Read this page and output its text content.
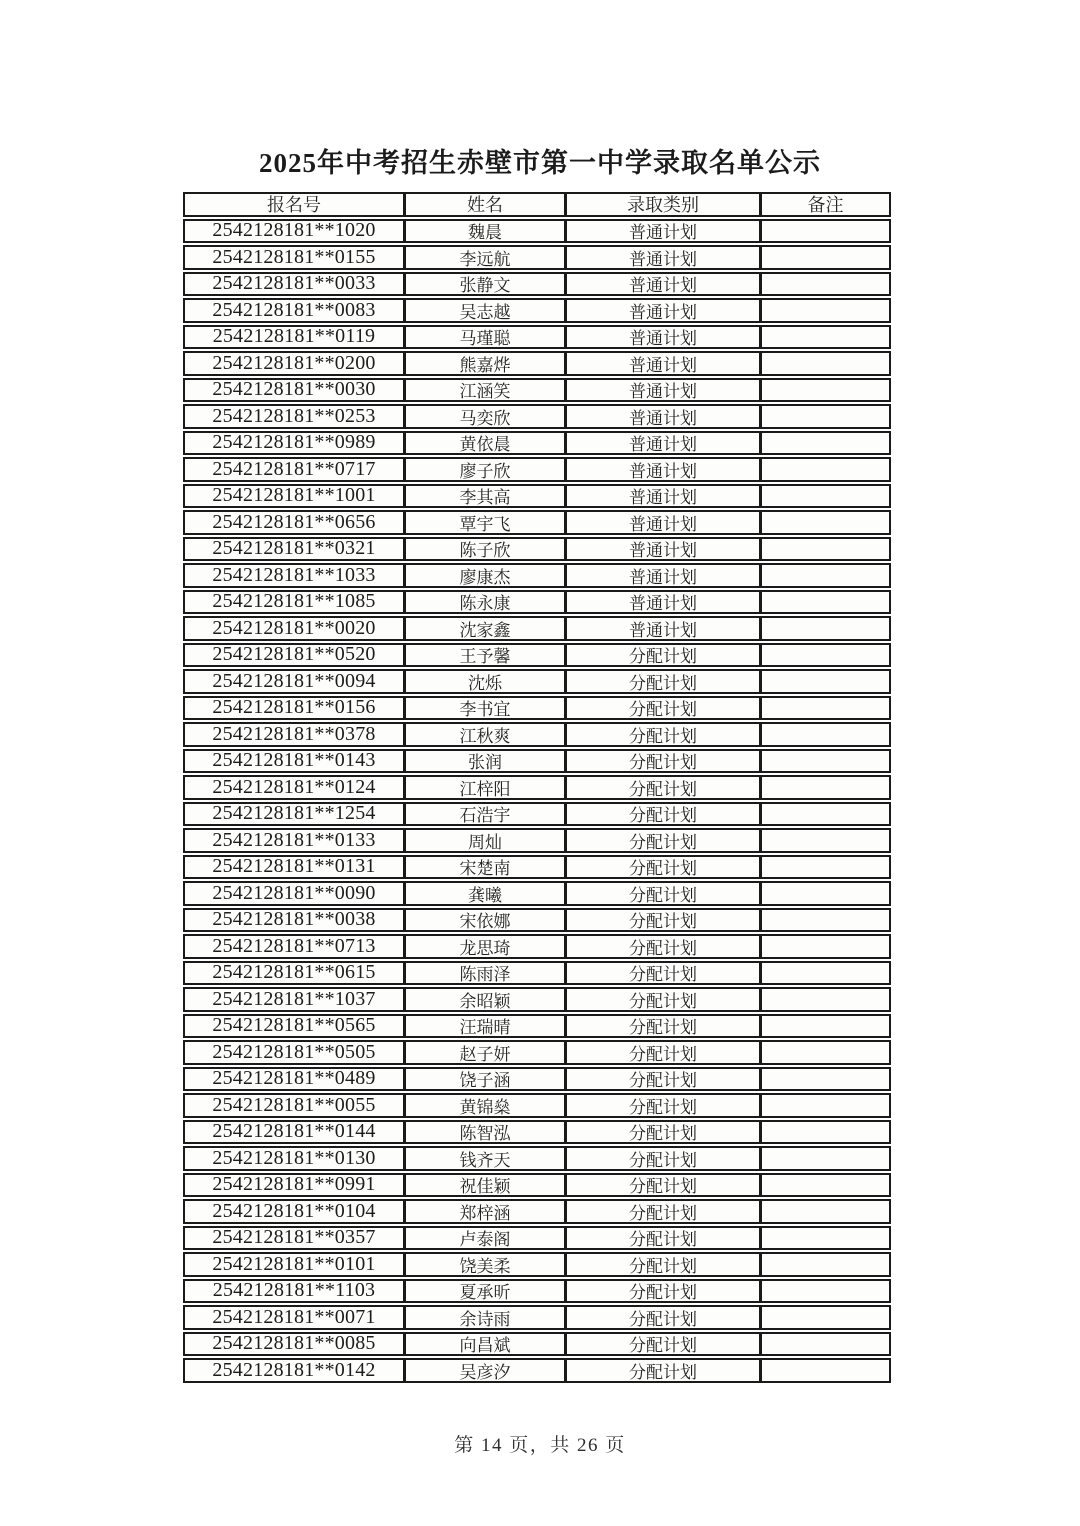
2025年中考招生赤壁市第一中学录取名单公示
报名号	姓名	录取类别	备注
2542128181**1020	魏晨	普通计划
2542128181**0155	李远航	普通计划
2542128181**0033	张静文	普通计划
2542128181**0083	吴志越	普通计划
2542128181**0119	马瑾聪	普通计划
2542128181**0200	熊嘉烨	普通计划
2542128181**0030	江涵笑	普通计划
2542128181**0253	马奕欣	普通计划
2542128181**0989	黄依晨	普通计划
2542128181**0717	廖子欣	普通计划
2542128181**1001	李其高	普通计划
2542128181**0656	覃宇飞	普通计划
2542128181**0321	陈子欣	普通计划
2542128181**1033	廖康杰	普通计划
2542128181**1085	陈永康	普通计划
2542128181**0020	沈家鑫	普通计划
2542128181**0520	王予馨	分配计划
2542128181**0094	沈烁	分配计划
2542128181**0156	李书宜	分配计划
2542128181**0378	江秋爽	分配计划
2542128181**0143	张润	分配计划
2542128181**0124	江梓阳	分配计划
2542128181**1254	石浩宇	分配计划
2542128181**0133	周灿	分配计划
2542128181**0131	宋楚南	分配计划
2542128181**0090	龚曦	分配计划
2542128181**0038	宋依娜	分配计划
2542128181**0713	龙思琦	分配计划
2542128181**0615	陈雨泽	分配计划
2542128181**1037	余昭颖	分配计划
2542128181**0565	汪瑞晴	分配计划
2542128181**0505	赵子妍	分配计划
2542128181**0489	饶子涵	分配计划
2542128181**0055	黄锦燊	分配计划
2542128181**0144	陈智泓	分配计划
2542128181**0130	钱齐天	分配计划
2542128181**0991	祝佳颖	分配计划
2542128181**0104	郑梓涵	分配计划
2542128181**0357	卢泰阁	分配计划
2542128181**0101	饶美柔	分配计划
2542128181**1103	夏承昕	分配计划
2542128181**0071	余诗雨	分配计划
2542128181**0085	向昌斌	分配计划
2542128181**0142	吴彦汐	分配计划
第 14 页，共 26 页
